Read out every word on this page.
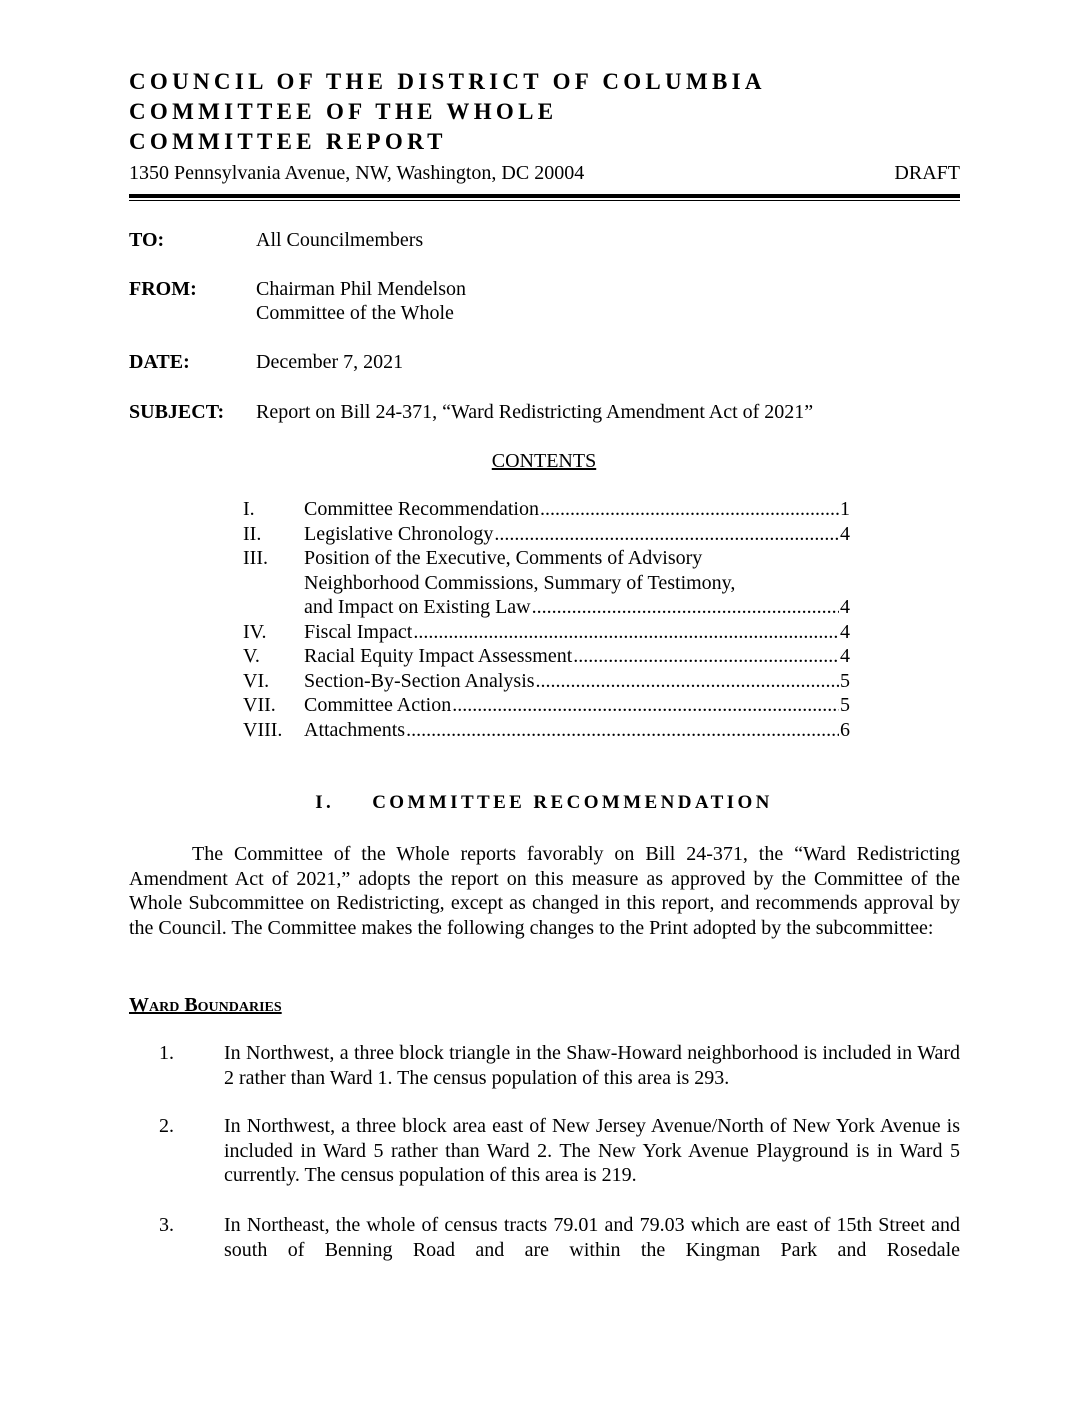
COUNCIL OF THE DISTRICT OF COLUMBIA
COMMITTEE OF THE WHOLE
COMMITTEE REPORT
1350 Pennsylvania Avenue, NW, Washington, DC 20004	DRAFT
TO:	All Councilmembers
FROM:	Chairman Phil Mendelson
Committee of the Whole
DATE:	December 7, 2021
SUBJECT: Report on Bill 24-371, “Ward Redistricting Amendment Act of 2021”
CONTENTS
I.	Committee Recommendation .....	1
II.	Legislative Chronology .....	4
III.	Position of the Executive, Comments of Advisory
Neighborhood Commissions, Summary of Testimony,
and Impact on Existing Law .....	4
IV.	Fiscal Impact .....	4
V.	Racial Equity Impact Assessment .....	4
VI.	Section-By-Section Analysis .....	5
VII.	Committee Action .....	5
VIII.	Attachments .....	6
I. COMMITTEE RECOMMENDATION
The Committee of the Whole reports favorably on Bill 24-371, the “Ward Redistricting Amendment Act of 2021,” adopts the report on this measure as approved by the Committee of the Whole Subcommittee on Redistricting, except as changed in this report, and recommends approval by the Council. The Committee makes the following changes to the Print adopted by the subcommittee:
Ward Boundaries
1.	In Northwest, a three block triangle in the Shaw-Howard neighborhood is included in Ward 2 rather than Ward 1. The census population of this area is 293.
2.	In Northwest, a three block area east of New Jersey Avenue/North of New York Avenue is included in Ward 5 rather than Ward 2. The New York Avenue Playground is in Ward 5 currently. The census population of this area is 219.
3.	In Northeast, the whole of census tracts 79.01 and 79.03 which are east of 15th Street and south of Benning Road and are within the Kingman Park and Rosedale
